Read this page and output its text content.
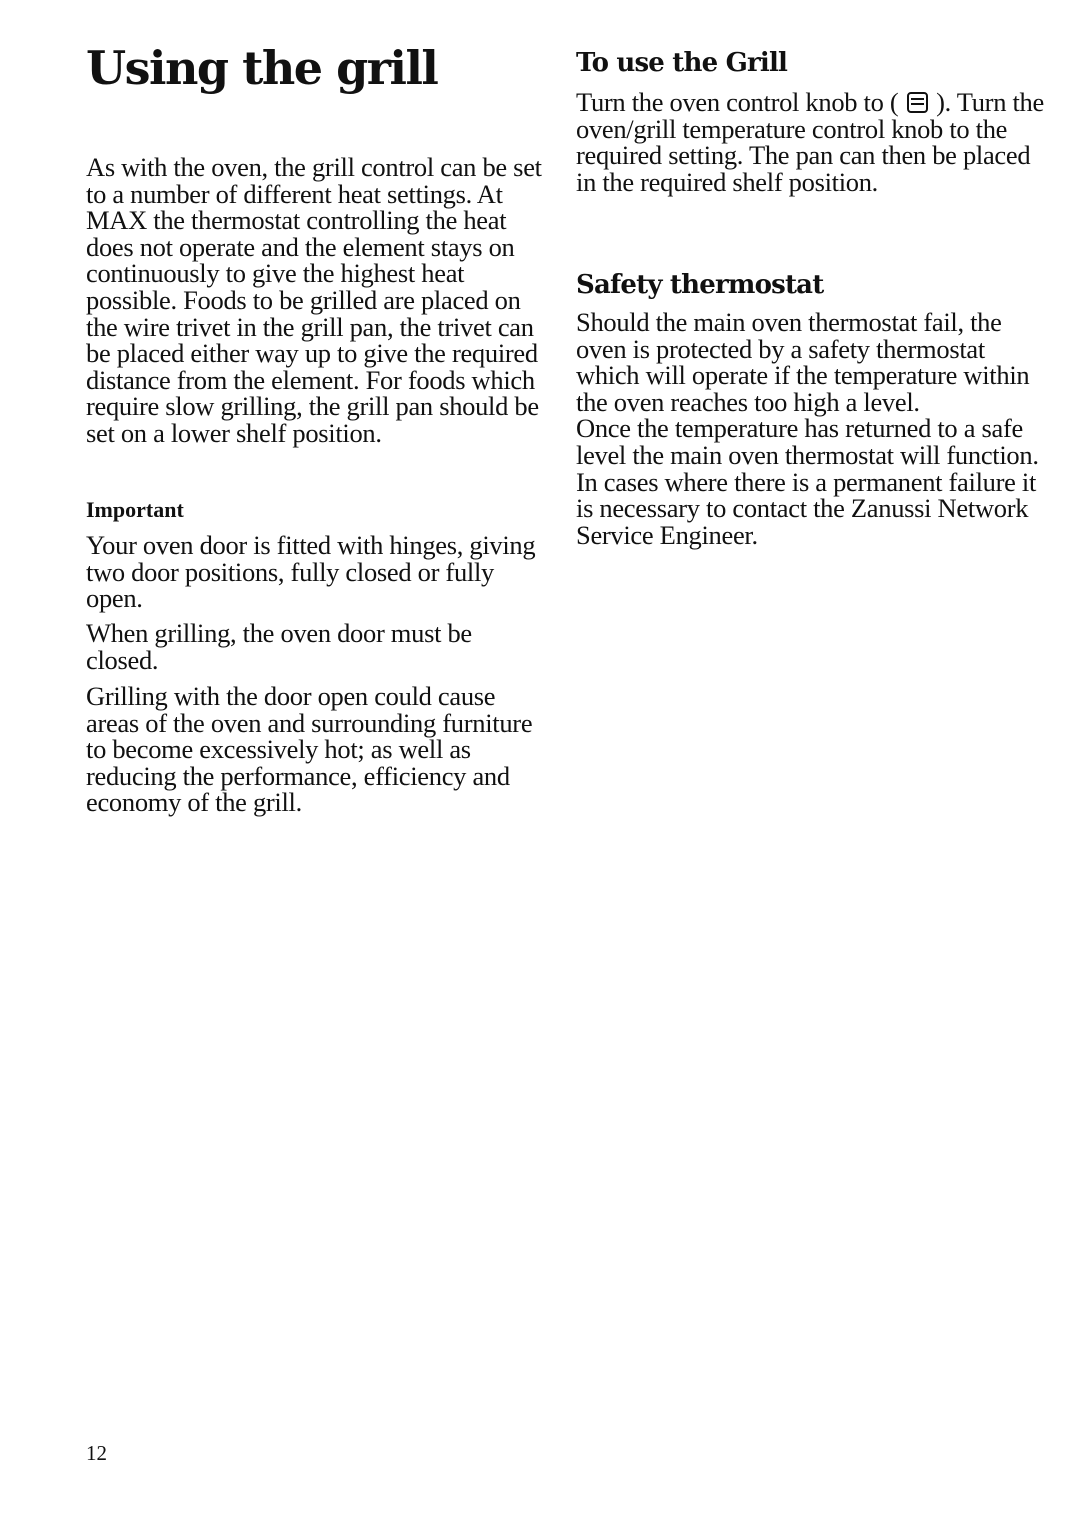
Using the grill

As with the oven, the grill control can be set to a number of different heat settings. At MAX the thermostat controlling the heat does not operate and the element stays on continuously to give the highest heat possible. Foods to be grilled are placed on the wire trivet in the grill pan, the trivet can be placed either way up to give the required distance from the element. For foods which require slow grilling, the grill pan should be set on a lower shelf position.

Important

Your oven door is fitted with hinges, giving two door positions, fully closed or fully open.

When grilling, the oven door must be closed.

Grilling with the door open could cause areas of the oven and surrounding furniture to become excessively hot; as well as reducing the performance, efficiency and economy of the grill.

To use the Grill

Turn the oven control knob to ( ). Turn the oven/grill temperature control knob to the required setting. The pan can then be placed in the required shelf position.

Safety thermostat

Should the main oven thermostat fail, the oven is protected by a safety thermostat which will operate if the temperature within the oven reaches too high a level.

Once the temperature has returned to a safe level the main oven thermostat will function.

In cases where there is a permanent failure it is necessary to contact the Zanussi Network Service Engineer.

12
